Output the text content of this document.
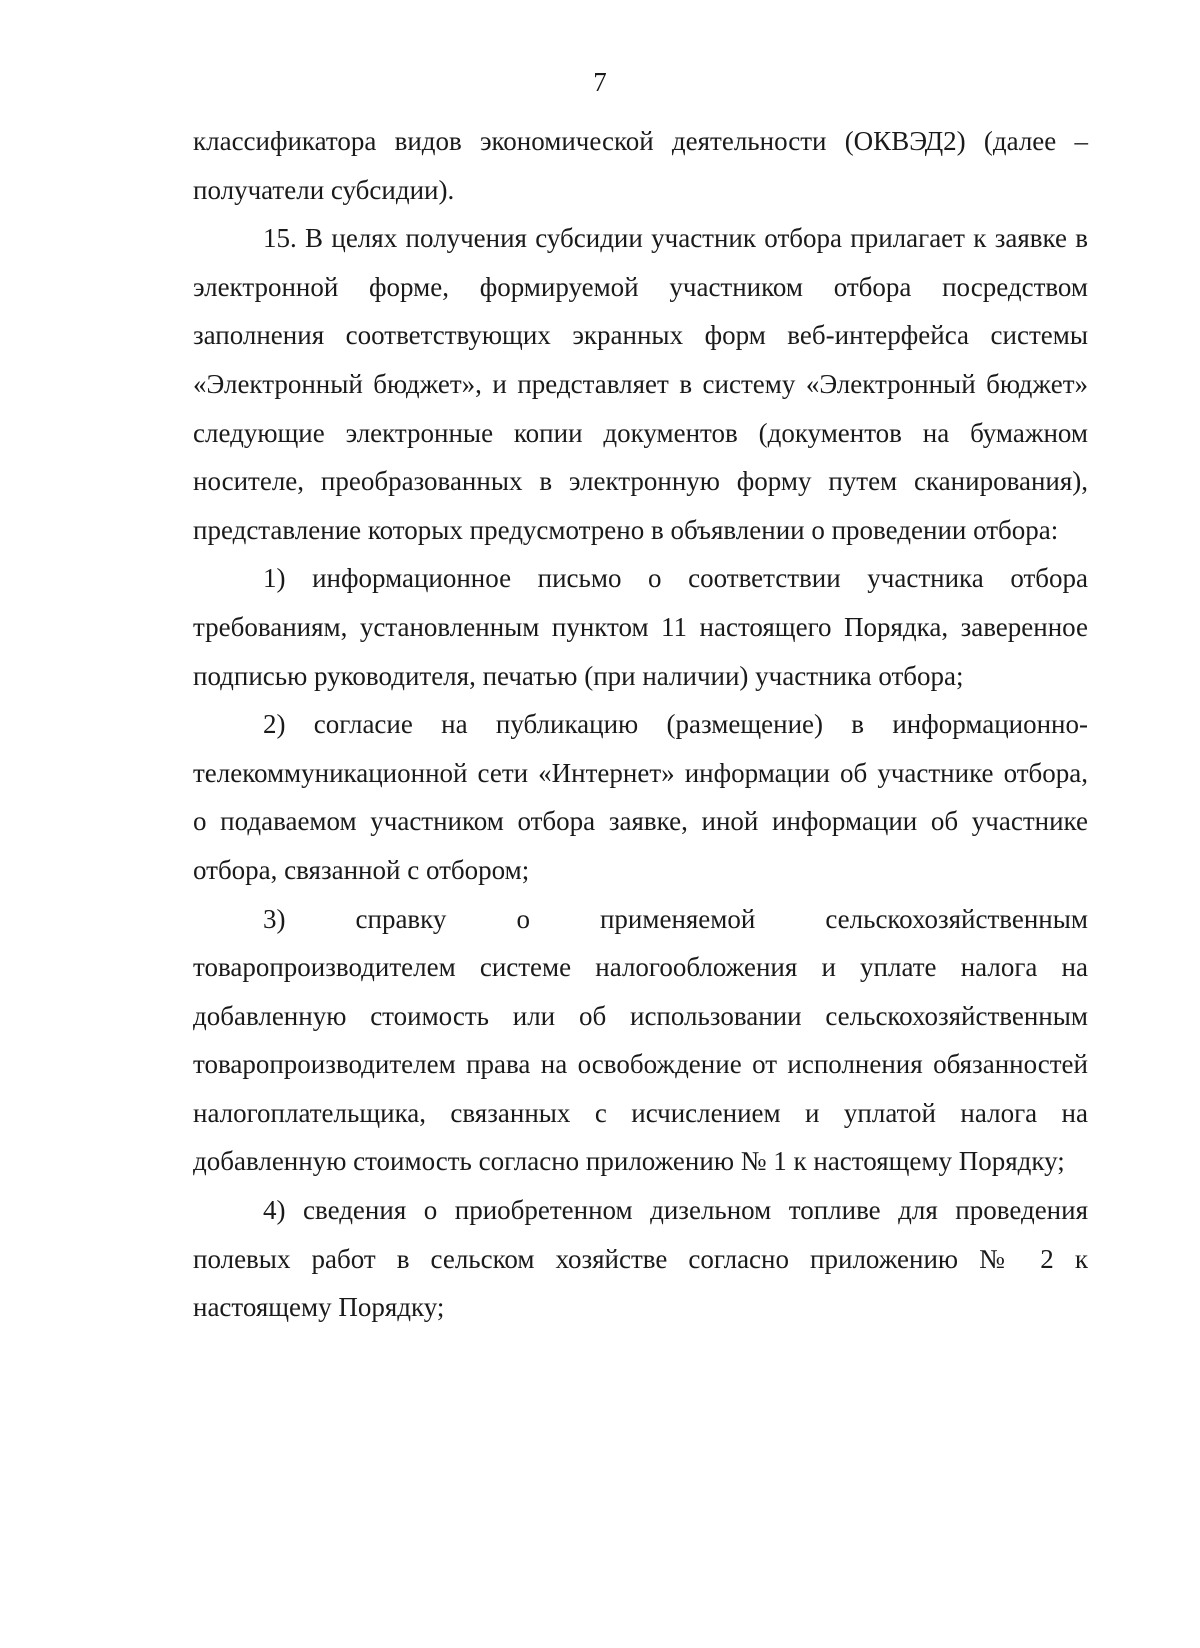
7

классификатора видов экономической деятельности (ОКВЭД2) (далее – получатели субсидии).

15. В целях получения субсидии участник отбора прилагает к заявке в электронной форме, формируемой участником отбора посредством заполнения соответствующих экранных форм веб-интерфейса системы «Электронный бюджет», и представляет в систему «Электронный бюджет» следующие электронные копии документов (документов на бумажном носителе, преобразованных в электронную форму путем сканирования), представление которых предусмотрено в объявлении о проведении отбора:

1) информационное письмо о соответствии участника отбора требованиям, установленным пунктом 11 настоящего Порядка, заверенное подписью руководителя, печатью (при наличии) участника отбора;

2) согласие на публикацию (размещение) в информационно-телекоммуникационной сети «Интернет» информации об участнике отбора, о подаваемом участником отбора заявке, иной информации об участнике отбора, связанной с отбором;

3) справку о применяемой сельскохозяйственным товаропроизводителем системе налогообложения и уплате налога на добавленную стоимость или об использовании сельскохозяйственным товаропроизводителем права на освобождение от исполнения обязанностей налогоплательщика, связанных с исчислением и уплатой налога на добавленную стоимость согласно приложению № 1 к настоящему Порядку;

4) сведения о приобретенном дизельном топливе для проведения полевых работ в сельском хозяйстве согласно приложению № 2 к настоящему Порядку;
